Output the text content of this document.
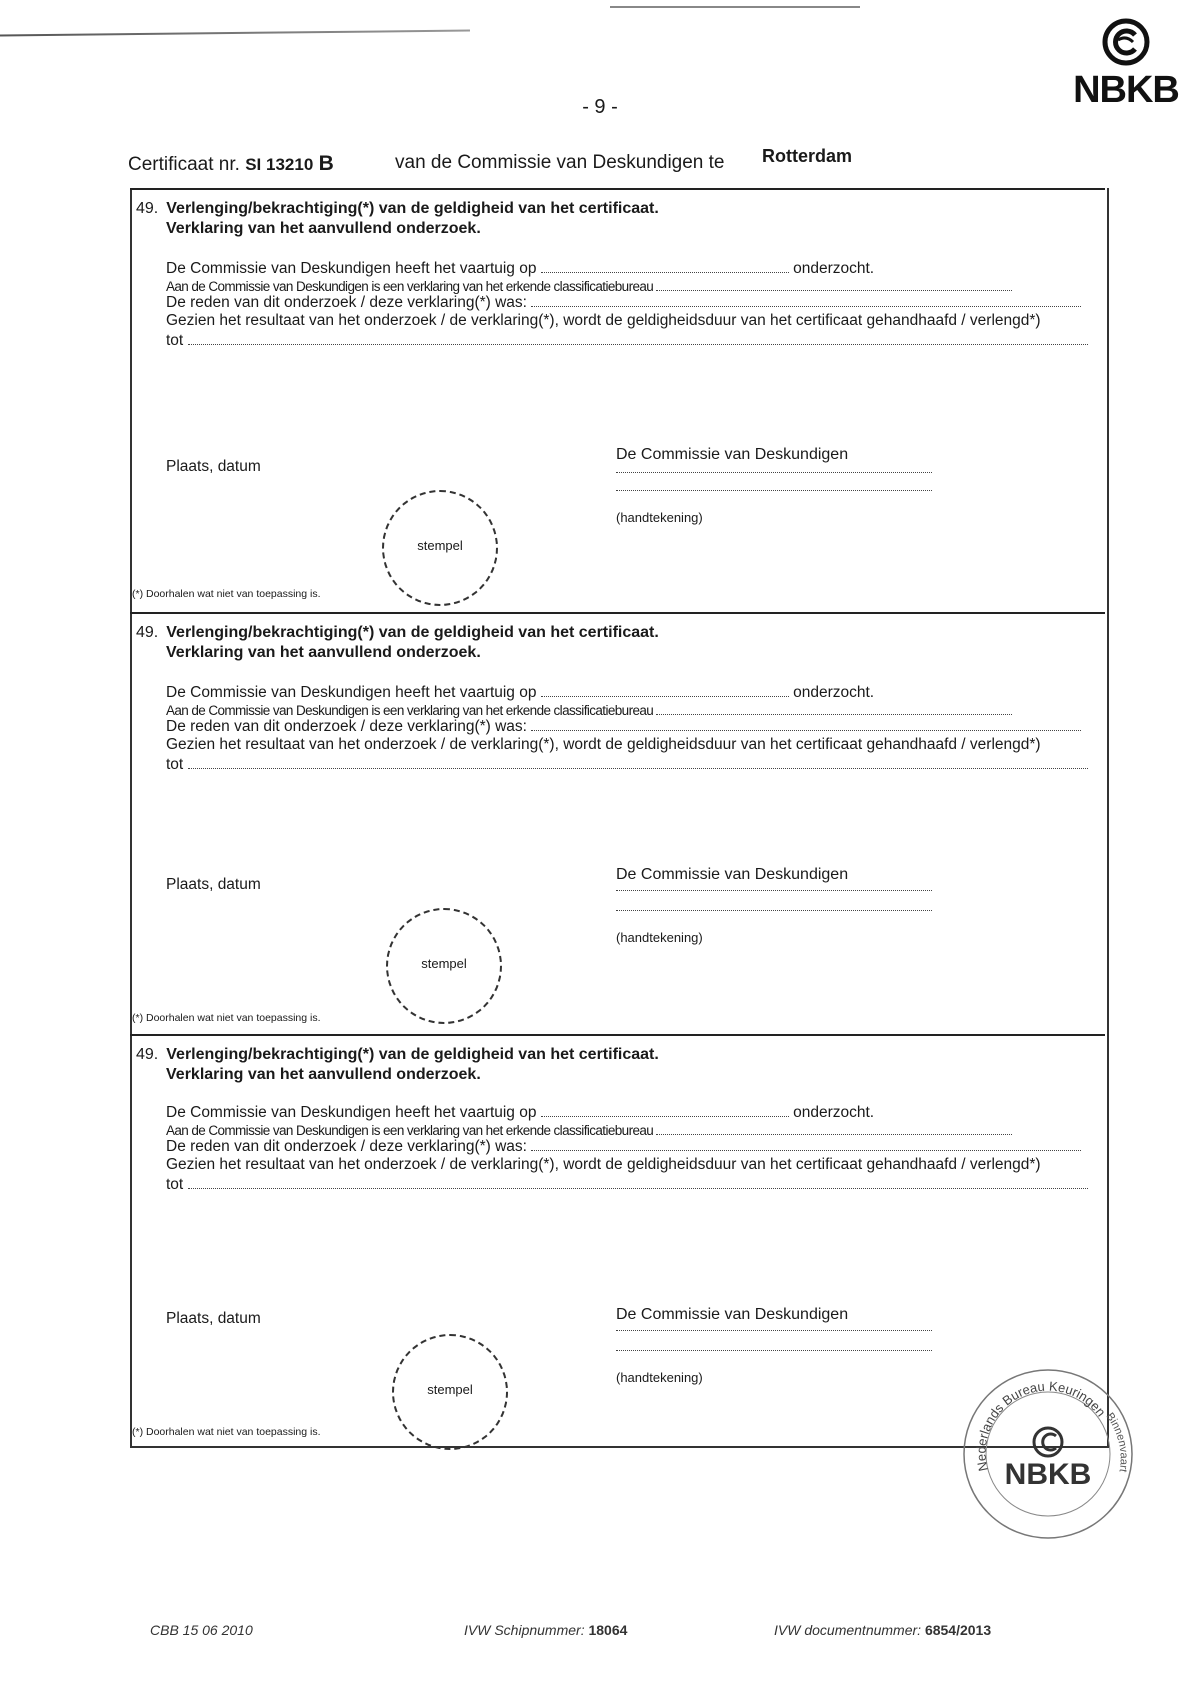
NBKB
- 9 -
Certificaat nr. SI 13210 B	van de Commissie van Deskundigen te Rotterdam
49. Verlenging/bekrachtiging(*) van de geldigheid van het certificaat.
Verklaring van het aanvullend onderzoek.
De Commissie van Deskundigen heeft het vaartuig op	onderzocht.
Aan de Commissie van Deskundigen is een verklaring van het erkende classificatiebureau
De reden van dit onderzoek / deze verklaring(*) was:
Gezien het resultaat van het onderzoek / de verklaring(*), wordt de geldigheidsduur van het certificaat gehandhaafd / verlengd*)
tot
Plaats, datum
stempel
De Commissie van Deskundigen
(handtekening)
(*) Doorhalen wat niet van toepassing is.
49. Verlenging/bekrachtiging(*) van de geldigheid van het certificaat.
Verklaring van het aanvullend onderzoek.
De Commissie van Deskundigen heeft het vaartuig op	onderzocht.
Aan de Commissie van Deskundigen is een verklaring van het erkende classificatiebureau
De reden van dit onderzoek / deze verklaring(*) was:
Gezien het resultaat van het onderzoek / de verklaring(*), wordt de geldigheidsduur van het certificaat gehandhaafd / verlengd*)
tot
Plaats, datum
stempel
De Commissie van Deskundigen
(handtekening)
(*) Doorhalen wat niet van toepassing is.
49. Verlenging/bekrachtiging(*) van de geldigheid van het certificaat.
Verklaring van het aanvullend onderzoek.
De Commissie van Deskundigen heeft het vaartuig op	onderzocht.
Aan de Commissie van Deskundigen is een verklaring van het erkende classificatiebureau
De reden van dit onderzoek / deze verklaring(*) was:
Gezien het resultaat van het onderzoek / de verklaring(*), wordt de geldigheidsduur van het certificaat gehandhaafd / verlengd*)
tot
Plaats, datum
stempel
De Commissie van Deskundigen
(handtekening)
(*) Doorhalen wat niet van toepassing is.
Nederlands Bureau Keuringen
Binnenvaart
NBKB
CBB 15 06 2010	IVW Schipnummer: 18064	IVW documentnummer: 6854/2013
